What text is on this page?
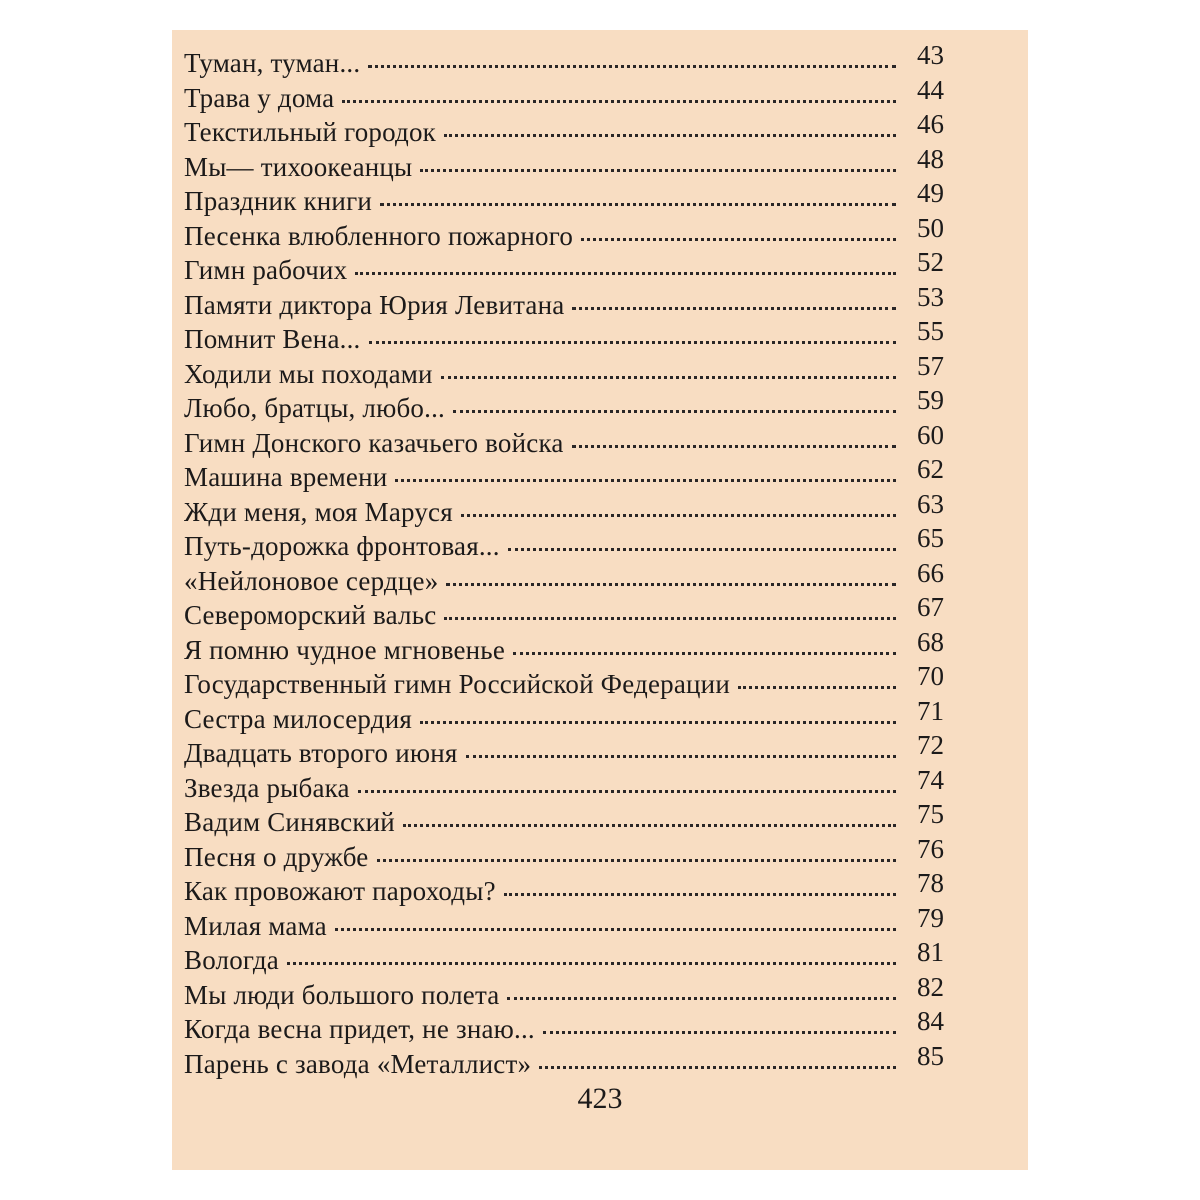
Туман, туман...	43
Трава у дома	44
Текстильный городок	46
Мы— тихоокеанцы	48
Праздник книги	49
Песенка влюбленного пожарного	50
Гимн рабочих	52
Памяти диктора Юрия Левитана	53
Помнит Вена...	55
Ходили мы походами	57
Любо, братцы, любо...	59
Гимн Донского казачьего войска	60
Машина времени	62
Жди меня, моя Маруся	63
Путь-дорожка фронтовая...	65
«Нейлоновое сердце»	66
Североморский вальс	67
Я помню чудное мгновенье	68
Государственный гимн Российской Федерации	70
Сестра милосердия	71
Двадцать второго июня	72
Звезда рыбака	74
Вадим Синявский	75
Песня о дружбе	76
Как провожают пароходы?	78
Милая мама	79
Вологда	81
Мы люди большого полета	82
Когда весна придет, не знаю...	84
Парень с завода «Металлист»	85
423
